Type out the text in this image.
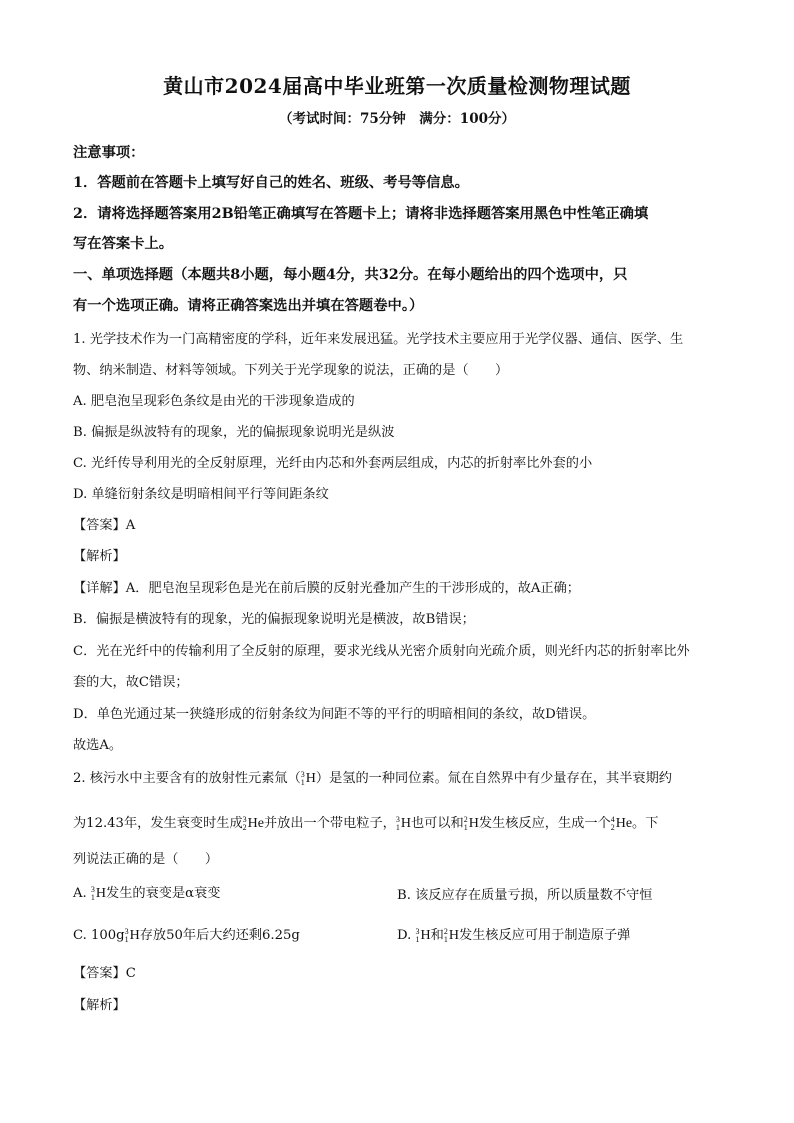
黄山市2024届高中毕业班第一次质量检测物理试题
（考试时间：75分钟　满分：100分）
注意事项：
1．答题前在答题卡上填写好自己的姓名、班级、考号等信息。
2．请将选择题答案用2B铅笔正确填写在答题卡上；请将非选择题答案用黑色中性笔正确填
写在答案卡上。
一、单项选择题（本题共8小题，每小题4分，共32分。在每小题给出的四个选项中，只
有一个选项正确。请将正确答案选出并填在答题卷中。）
1. 光学技术作为一门高精密度的学科，近年来发展迅猛。光学技术主要应用于光学仪器、通信、医学、生
物、纳米制造、材料等领域。下列关于光学现象的说法，正确的是（　　）
A. 肥皂泡呈现彩色条纹是由光的干涉现象造成的
B. 偏振是纵波特有的现象，光的偏振现象说明光是纵波
C. 光纤传导利用光的全反射原理，光纤由内芯和外套两层组成，内芯的折射率比外套的小
D. 单缝衍射条纹是明暗相间平行等间距条纹
【答案】A
【解析】
【详解】A．肥皂泡呈现彩色是光在前后膜的反射光叠加产生的干涉形成的，故A正确；
B．偏振是横波特有的现象，光的偏振现象说明光是横波，故B错误；
C．光在光纤中的传输利用了全反射的原理，要求光线从光密介质射向光疏介质，则光纤内芯的折射率比外
套的大，故C错误；
D．单色光通过某一狭缝形成的衍射条纹为间距不等的平行的明暗相间的条纹，故D错误。
故选A。
2. 核污水中主要含有的放射性元素氚（ 3
1 H）是氢的一种同位素。氚在自然界中有少量存在，其半衰期约
为12.43年，发生衰变时生成 3
2 He并放出一个带电粒子， 3
1 H也可以和 2
1 H发生核反应，生成一个 4
2 He。下
列说法正确的是（　　）
A. 3
1 H发生的衰变是α衰变	B. 该反应存在质量亏损，所以质量数不守恒
C. 100g 3
1 H存放50年后大约还剩6.25g	D. 3
1 H和 2
1 H发生核反应可用于制造原子弹
【答案】C
【解析】
